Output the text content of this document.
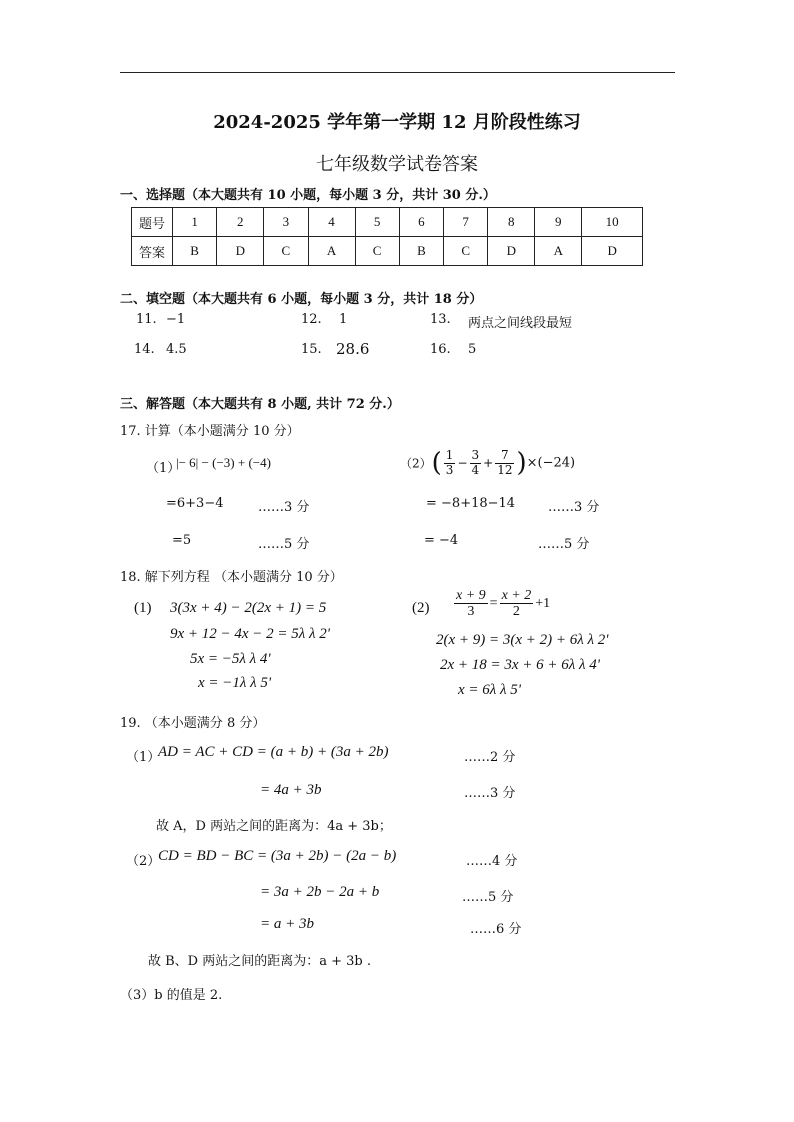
2024-2025 学年第一学期 12 月阶段性练习
七年级数学试卷答案
一、选择题（本大题共有 10 小题，每小题 3 分，共计 30 分.）
题号	1	2	3	4	5	6	7	8	9	10
答案	B	D	C	A	C	B	C	D	A	D
二、填空题（本大题共有 6 小题，每小题 3 分，共计 18 分）
11. −1	12. 1	13. 两点之间线段最短
14. 4.5	15. 28.6	16. 5
三、解答题（本大题共有 8 小题, 共计 72 分.）
17. 计算（本小题满分 10 分）
（1）
|− 6| − (−3) + (−4)
=6+3−4	……3 分
=5	……5 分
$(2)( \frac{1}{3} - \frac{3}{4} + \frac{7}{12} )\times(-24)$
= −8+18−14	……3 分
= −4	……5 分
18. 解下列方程 （本小题满分 10 分）
(1) 3(3x + 4) − 2(2x + 1) = 5
9x + 12 − 4x − 2 = 5λ λ 2'
5x = −5λ λ 4'
x = −1λ λ 5'
$(2) \frac{x + 9}{3} = \frac{x + 2}{2} +1$
2(x + 9) = 3(x + 2) + 6λ λ 2'
2x + 18 = 3x + 6 + 6λ λ 4'
x = 6λ λ 5'
19. （本小题满分 8 分）
（1）
AD = AC + CD = (a + b) + (3a + 2b)	……2 分
= 4a + 3b	……3 分
故 A，D 两站之间的距离为：4a + 3b；
（2）
CD = BD − BC = (3a + 2b) − (2a − b)	……4 分
= 3a + 2b − 2a + b	……5 分
= a + 3b	……6 分
故 B、D 两站之间的距离为：a + 3b .
（3）b 的值是 2.
